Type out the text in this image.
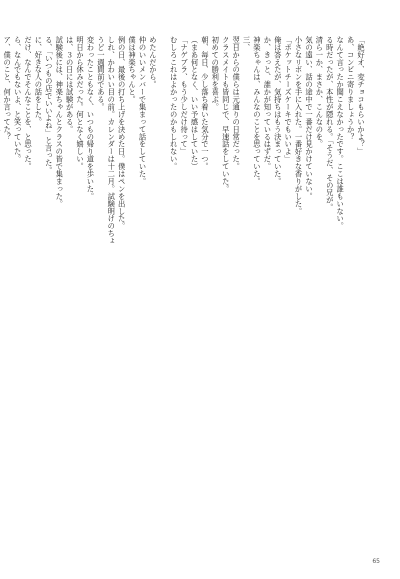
「絶好オ、変チョコもらいかよ？」

あ、コンビニ寄りましょうか？

なんて言ったか聞こえなかったです。ここは誰もいない。

る時だったが、本性が隠れる。「そうだ、その兄が。

清ら一か、まさか、こんなのを。

気の遠い、話の途中で一番だけ見かけていない。

小さなリボンを手に入れた。一番好きな香りがした。

「ポケットチーズケーキでもいいよ」

俺は答えたが、気持ちはもう決まっていた。

か、きっと、誰かが知っているはずだ。

神楽ちゃんは、みんなのことを思っていた。

三、

翌日からの僕らは元通りの日常だった。

クラスメイトも皆同じで、早速話をしていた。

初めての勝利を喜ぶ。

朝、毎日、少し落ち着いた気分で一つ。

（まあ何となく、いい予感はしていた）

「ナゲブラ、もう少しだけ待って」

むしろこれはよかったのかもしれない。

めたんだから。

仲のいいメンバーで集まって話をしていた。

僕は神楽ちゃんと。

例の日、最後の打ち上げを決めた日。僕はペンを出した。

しれ、かわいい目の前。カレンダーは十二月。試験明けのちょ

うど一週間前である。

変わったこともなく、いつもの帰り道を歩いた。

明日から休みだった。何となく嬉しい。

は、３の日には試験がある。

試験後には、神楽ちゃんとクラスの皆で集まった。

る、「いつもの店でいいよね」と言った。

に、好きな人の話をした。

だけ、なんでそんなことを、と思った。

ら、なんでもないよ、と笑っていた。

ア、僕のこと、何か言ってた？

65
